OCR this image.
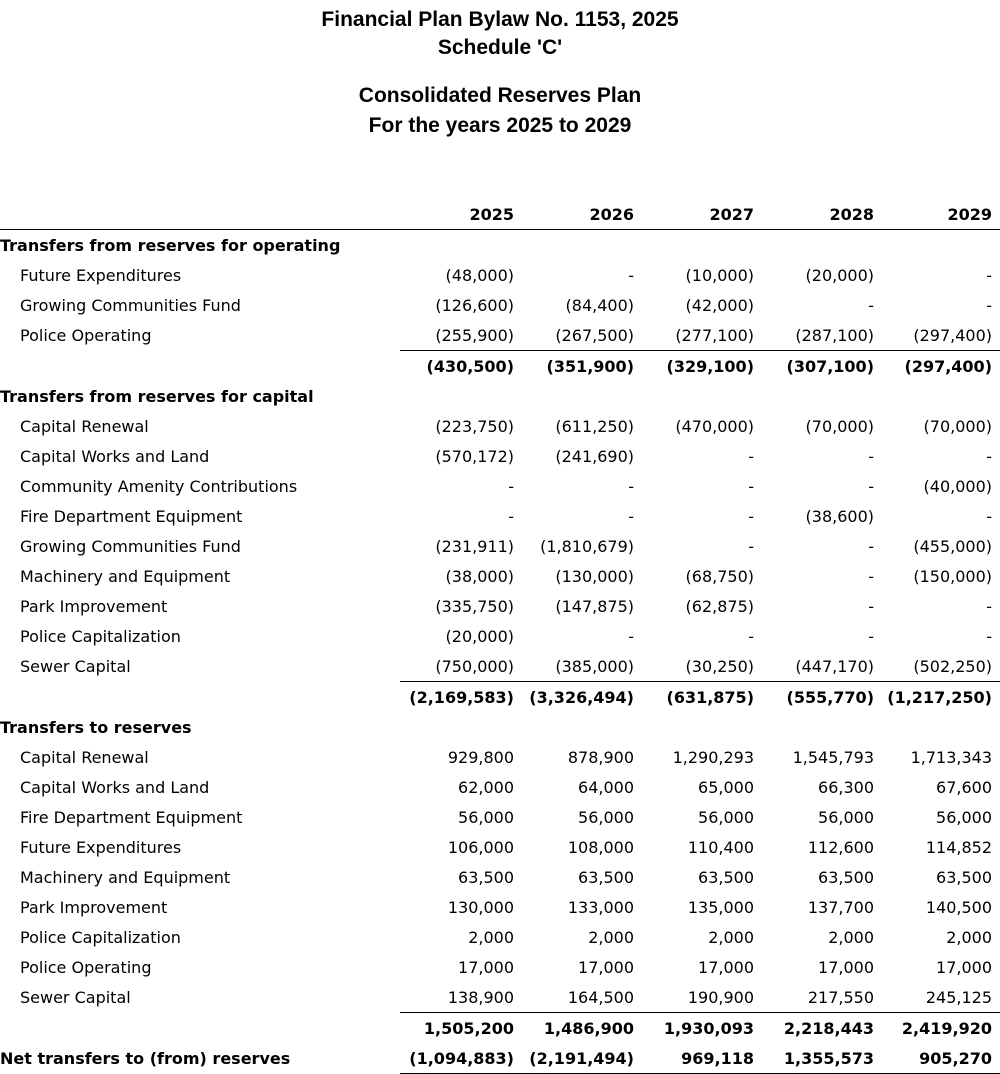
Financial Plan Bylaw No. 1153, 2025
Schedule 'C'
Consolidated Reserves Plan
For the years 2025 to 2029
	2025	2026	2027	2028	2029
Transfers from reserves for operating					
Future Expenditures	(48,000)	-	(10,000)	(20,000)	-
Growing Communities Fund	(126,600)	(84,400)	(42,000)	-	-
Police Operating	(255,900)	(267,500)	(277,100)	(287,100)	(297,400)
	(430,500)	(351,900)	(329,100)	(307,100)	(297,400)
Transfers from reserves for capital					
Capital Renewal	(223,750)	(611,250)	(470,000)	(70,000)	(70,000)
Capital Works and Land	(570,172)	(241,690)	-	-	-
Community Amenity Contributions	-	-	-	-	(40,000)
Fire Department Equipment	-	-	-	(38,600)	-
Growing Communities Fund	(231,911)	(1,810,679)	-	-	(455,000)
Machinery and Equipment	(38,000)	(130,000)	(68,750)	-	(150,000)
Park Improvement	(335,750)	(147,875)	(62,875)	-	-
Police Capitalization	(20,000)	-	-	-	-
Sewer Capital	(750,000)	(385,000)	(30,250)	(447,170)	(502,250)
	(2,169,583)	(3,326,494)	(631,875)	(555,770)	(1,217,250)
Transfers to reserves					
Capital Renewal	929,800	878,900	1,290,293	1,545,793	1,713,343
Capital Works and Land	62,000	64,000	65,000	66,300	67,600
Fire Department Equipment	56,000	56,000	56,000	56,000	56,000
Future Expenditures	106,000	108,000	110,400	112,600	114,852
Machinery and Equipment	63,500	63,500	63,500	63,500	63,500
Park Improvement	130,000	133,000	135,000	137,700	140,500
Police Capitalization	2,000	2,000	2,000	2,000	2,000
Police Operating	17,000	17,000	17,000	17,000	17,000
Sewer Capital	138,900	164,500	190,900	217,550	245,125
	1,505,200	1,486,900	1,930,093	2,218,443	2,419,920
Net transfers to (from) reserves	(1,094,883)	(2,191,494)	969,118	1,355,573	905,270
